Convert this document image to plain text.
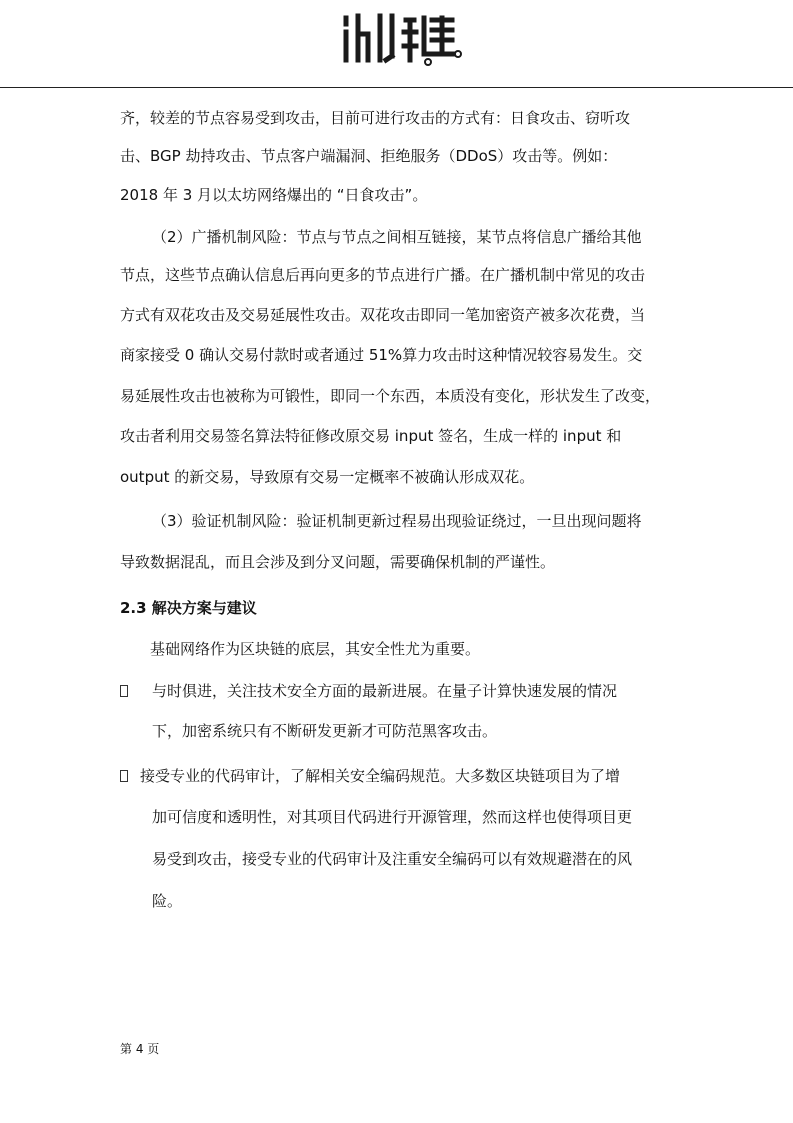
齐，较差的节点容易受到攻击，目前可进行攻击的方式有：日食攻击、窃听攻
击、BGP 劫持攻击、节点客户端漏洞、拒绝服务（DDoS）攻击等。例如：
2018 年 3 月以太坊网络爆出的 “日食攻击”。
（2）广播机制风险：节点与节点之间相互链接，某节点将信息广播给其他
节点，这些节点确认信息后再向更多的节点进行广播。在广播机制中常见的攻击
方式有双花攻击及交易延展性攻击。双花攻击即同一笔加密资产被多次花费，当
商家接受 0 确认交易付款时或者通过 51%算力攻击时这种情况较容易发生。交
易延展性攻击也被称为可锻性，即同一个东西，本质没有变化，形状发生了改变，
攻击者利用交易签名算法特征修改原交易 input 签名，生成一样的 input 和
output 的新交易，导致原有交易一定概率不被确认形成双花。
（3）验证机制风险：验证机制更新过程易出现验证绕过，一旦出现问题将
导致数据混乱，而且会涉及到分叉问题，需要确保机制的严谨性。
2.3 解决方案与建议
基础网络作为区块链的底层，其安全性尤为重要。
与时俱进，关注技术安全方面的最新进展。在量子计算快速发展的情况
下，加密系统只有不断研发更新才可防范黑客攻击。
接受专业的代码审计，了解相关安全编码规范。大多数区块链项目为了增
加可信度和透明性，对其项目代码进行开源管理，然而这样也使得项目更
易受到攻击，接受专业的代码审计及注重安全编码可以有效规避潜在的风
险。
第 4 页
